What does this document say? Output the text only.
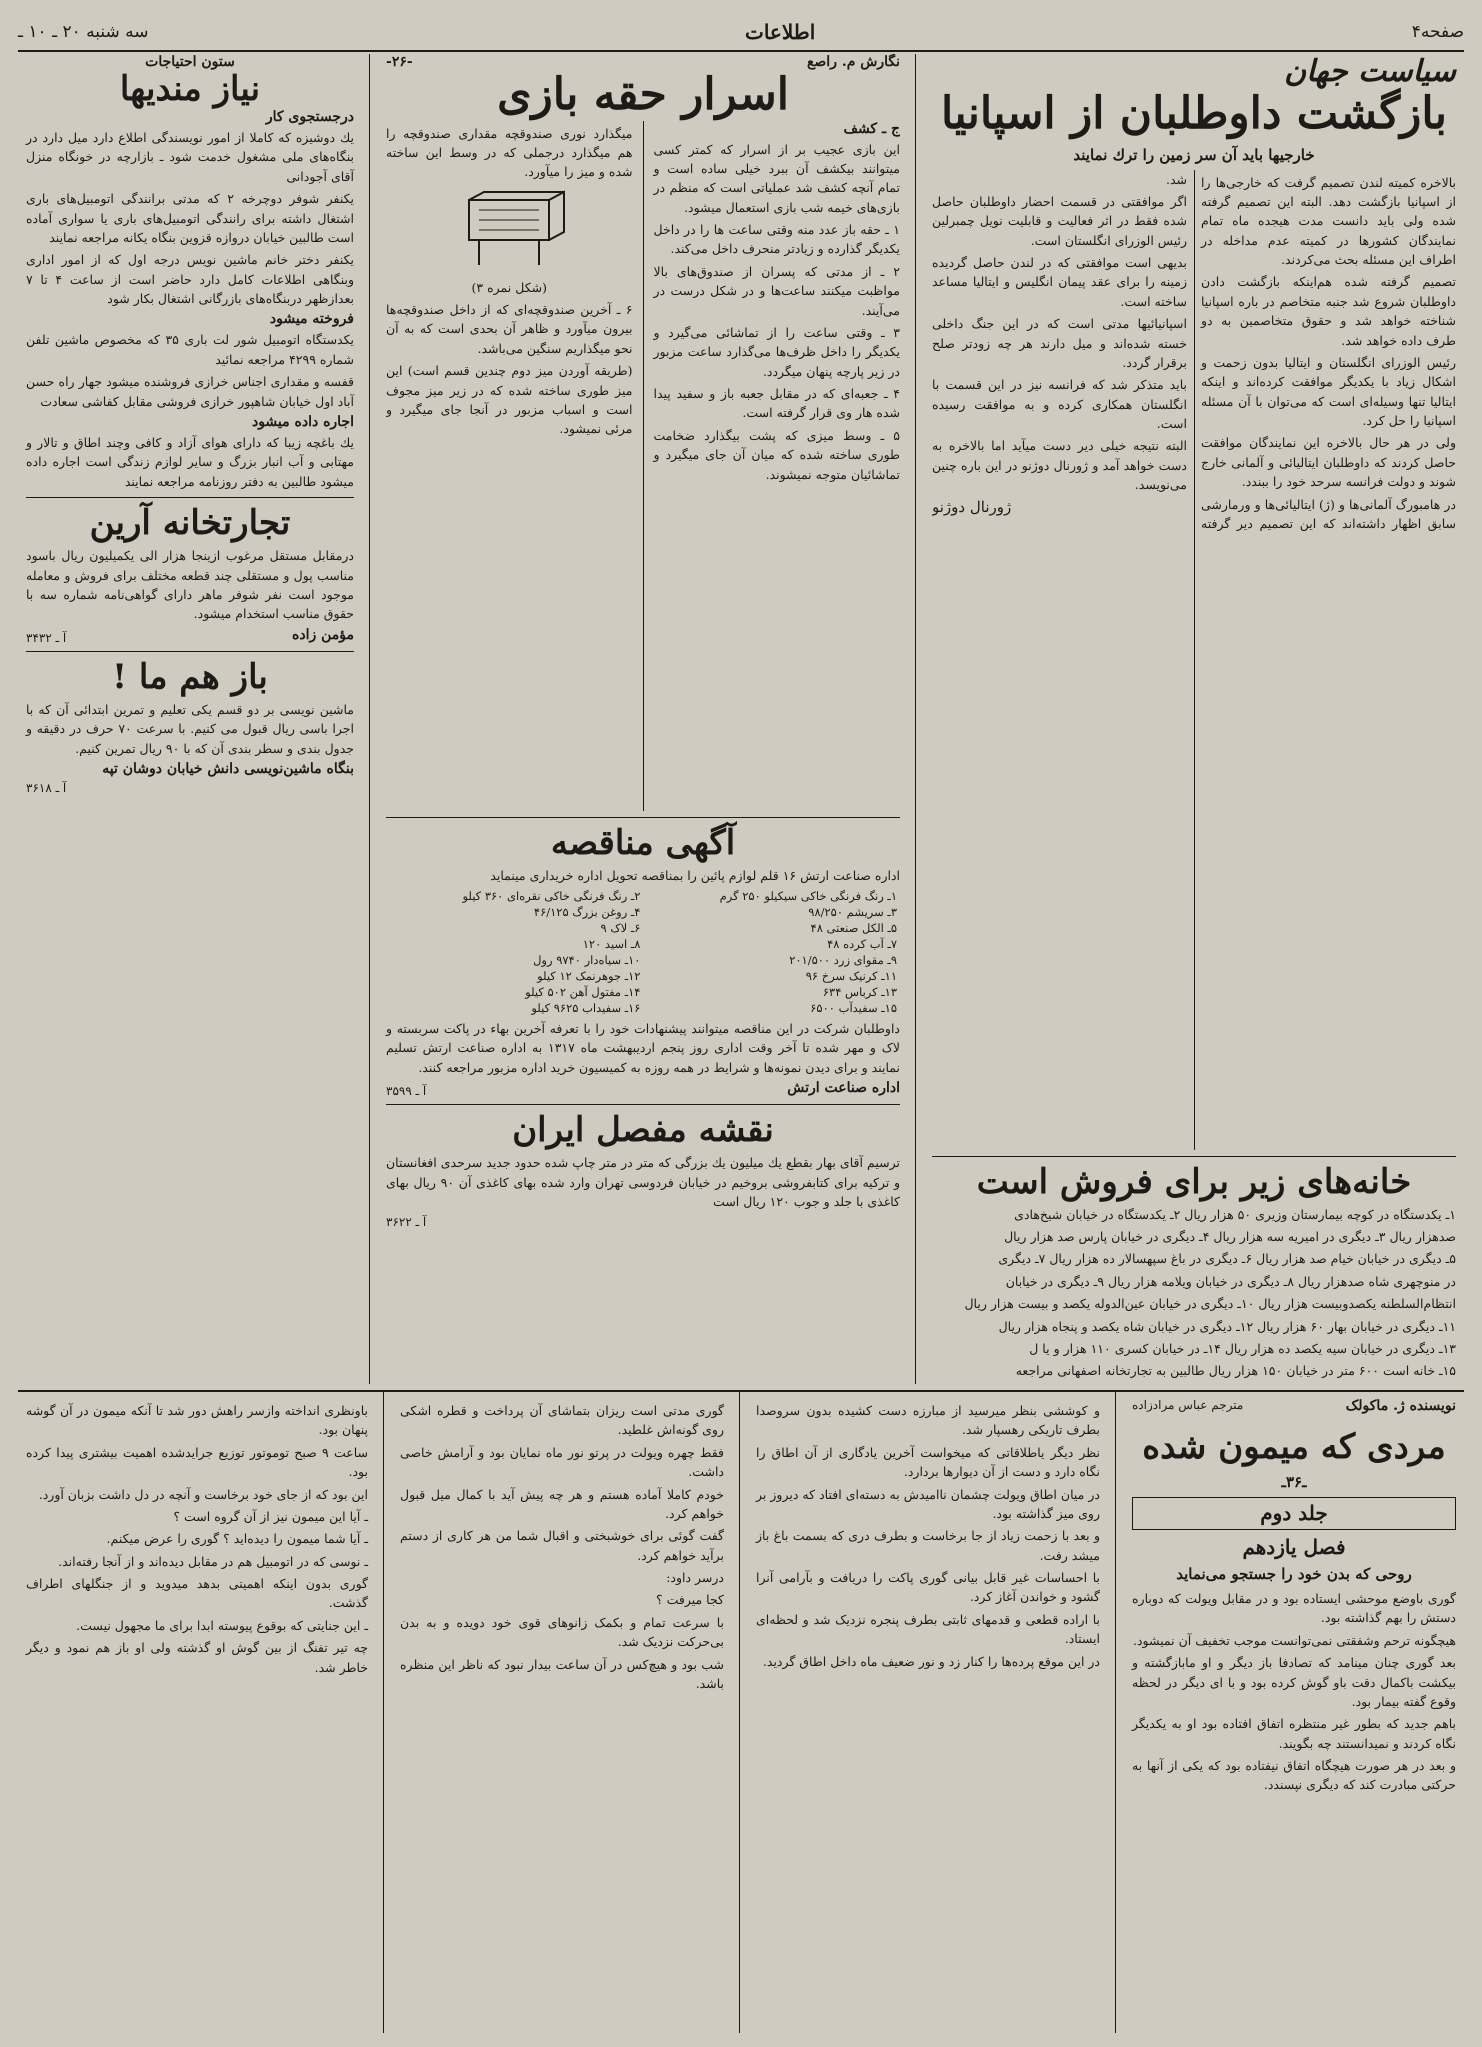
صفحه۴
اطلاعات
سه شنبه ۲۰ ـ ۱۰ ـ
سیاست جهان
بازگشت داوطلبان از اسپانیا
خارجیها باید آن سر زمین را ترك نمایند

بالاخره کمیته لندن تصمیم گرفت که خارجی‌ها را از اسپانیا بازگشت دهد. البته این تصمیم گرفته شده ولی باید دانست مدت هیجده ماه تمام نمایندگان کشورها در کمیته عدم مداخله در اطراف این مسئله بحث می‌کردند.

تصمیم گرفته شده هم‌اینکه بازگشت دادن داوطلبان شروع شد جنبه متخاصم در باره اسپانیا شناخته خواهد شد و حقوق متخاصمین به دو طرف داده خواهد شد.

رئیس الوزرای انگلستان و ایتالیا بدون زحمت و اشکال زیاد با یکدیگر موافقت کرده‌اند و اینکه ایتالیا تنها وسیله‌ای است که می‌توان با آن مسئله اسپانیا را حل کرد.

ولی در هر حال بالاخره این نمایندگان موافقت حاصل کردند که داوطلبان ایتالیائی و آلمانی خارج شوند و دولت فرانسه سرحد خود را ببندد.

در هامبورگ آلمانی‌ها و (ژ) ایتالیائی‌ها و ورمارشی سابق اظهار داشته‌اند که این تصمیم دیر گرفته شد.

اگر موافقتی در قسمت احضار داوطلبان حاصل شده فقط در اثر فعالیت و قابلیت نویل چمبرلین رئیس الوزرای انگلستان است.

بدیهی است موافقتی که در لندن حاصل گردیده زمینه را برای عقد پیمان انگلیس و ایتالیا مساعد ساخته است.

اسپانیائیها مدتی است که در این جنگ داخلی خسته شده‌اند و میل دارند هر چه زودتر صلح برقرار گردد.

باید متذکر شد که فرانسه نیز در این قسمت با انگلستان همکاری کرده و به موافقت رسیده است.

البته نتیجه خیلی دیر دست میآید اما بالاخره به دست خواهد آمد و ژورنال دوژنو در این باره چنین می‌نویسد.

ژورنال دوژنو
خانه‌های زیر برای فروش است

۱ـ یکدستگاه در کوچه بیمارستان وزیری ۵۰ هزار ریال ۲ـ یکدستگاه در خیابان شیخ‌هادی

صدهزار ریال ۳ـ دیگری در امیریه سه هزار ریال ۴ـ دیگری در خیابان پارس صد هزار ریال

۵ـ دیگری در خیابان خیام صد هزار ریال ۶ـ دیگری در باغ سپهسالار ده هزار ریال ۷ـ دیگری

در منوچهری شاه صدهزار ریال ۸ـ دیگری در خیابان ویلامه هزار ریال ۹ـ دیگری در خیابان

انتظام‌السلطنه یکصدوبیست هزار ریال ۱۰ـ دیگری در خیابان عین‌الدوله یکصد و بیست هزار ریال

۱۱ـ دیگری در خیابان بهار ۶۰ هزار ریال ۱۲ـ دیگری در خیابان شاه یکصد و پنجاه هزار ریال

۱۳ـ دیگری در خیابان سیه یکصد ده هزار ریال ۱۴ـ در خیابان کسری ۱۱۰ هزار و یا ل

۱۵ـ خانه است ۶۰۰ متر در خیابان ۱۵۰ هزار ریال طالبین به تجارتخانه اصفهانی مراجعه

نگارش م. راصع
-۲۶-
اسرار حقه بازی
ج ـ کشف

این بازی عجیب بر از اسرار که کمتر کسی میتوانند بیکشف آن ببرد خیلی ساده است و تمام آنچه کشف شد عملیاتی است که منظم در بازی‌های خیمه شب بازی استعمال میشود.

۱ ـ حقه باز عدد منه وقتی ساعت ها را در داخل یکدیگر گذارده و زیادتر منحرف داخل می‌کند.

۲ ـ از مدتی که پسران از صندوق‌های بالا مواظبت میکنند ساعت‌ها و در شکل درست در می‌آیند.

۳ ـ وقتی ساعت را از تماشائی می‌گیرد و یکدیگر را داخل ظرف‌ها می‌گذارد ساعت مزبور در زیر پارچه پنهان میگردد.

۴ ـ جعبه‌ای که در مقابل جعبه باز و سفید پیدا شده هار وی قرار گرفته است.

۵ ـ وسط میزی که پشت بیگذارد ضخامت طوری ساخته شده که میان آن جای میگیرد و تماشائیان متوجه نمیشوند.

میگذارد نوری صندوقچه مقداری صندوقچه را هم میگذارد درجملی که در وسط این ساخته شده و میز را میآورد.

(شکل نمره ۳)

۶ ـ آخرین صندوقچه‌ای که از داخل صندوقچه‌ها بیرون میآورد و ظاهر آن بحدی است که به آن نحو میگذاریم سنگین می‌باشد.

(طریقه آوردن میز دوم چندین قسم است) این میز طوری ساخته شده که در زیر میز مجوف است و اسباب مزبور در آنجا جای میگیرد و مرئی نمیشود.

آگهی مناقصه

اداره صناعت ارتش ۱۶ قلم لوازم پائین را بمناقصه تحویل اداره خریداری مینماید

۱ـ رنگ فرنگی خاکی سیکیلو ۲۵۰ گرم	۲ـ رنگ فرنگی خاکی نقره‌ای ۳۶۰ کیلو
۳ـ سریشم ۹۸/۲۵۰	۴ـ روغن بزرگ ۴۶/۱۲۵
۵ـ الکل صنعتی ۴۸	۶ـ لاک ۹
۷ـ آب کرده ۴۸	۸ـ اسید ۱۲۰
۹ـ مقوای زرد ۲۰۱/۵۰۰	۱۰ـ سیاه‌دار ۹۷۴۰ رول
۱۱ـ کرنیک سرخ ۹۶	۱۲ـ جوهرنمک ۱۲ کیلو
۱۳ـ کرباس ۶۳۴	۱۴ـ مفتول آهن ۵۰۲ کیلو
۱۵ـ سفیدآب ۶۵۰۰	۱۶ـ سفیداب ۹۶۲۵ کیلو

داوطلبان شرکت در این مناقصه میتوانند پیشنهادات خود را با تعرفه آخرین بهاء در پاکت سربسته و لاک و مهر شده تا آخر وقت اداری روز پنجم اردیبهشت ماه ۱۳۱۷ به اداره صناعت ارتش تسلیم نمایند و برای دیدن نمونه‌ها و شرایط در همه روزه به کمیسیون خرید اداره مزبور مراجعه کنند.

اداره صناعت ارتش
آ ـ ۳۵۹۹
نقشه مفصل ایران

ترسیم آقای بهار بقطع یك میلیون یك بزرگی که متر در متر چاپ شده حدود جدید سرحدی افغانستان و ترکیه برای کتابفروشی بروخیم در خیابان فردوسی تهران وارد شده بهای کاغذی آن ۹۰ ریال بهای کاغذی با جلد و جوب ۱۲۰ ریال است

آ ـ ۳۶۲۲
ستون احتیاجات
نیاز مندیها
درجستجوی کار

یك دوشیزه که کاملا از امور نویسندگی اطلاع دارد میل دارد در بنگاه‌های ملی مشغول خدمت شود ـ بازارچه در خونگاه منزل آقای آجودانی

یکنفر شوفر دوچرخه ۲ که مدتی برانندگی اتومبیل‌های باری اشتغال داشته برای رانندگی اتومبیل‌های باری یا سواری آماده است طالبین خیابان دروازه قزوین بنگاه یکانه مراجعه نمایند

یکنفر دختر خانم ماشین نویس درجه اول که از امور اداری وبنگاهی اطلاعات کامل دارد حاضر است از ساعت ۴ تا ۷ بعدازظهر دربنگاه‌های بازرگانی اشتغال بکار شود

فروخته میشود

یکدستگاه اتومبیل شور لت باری ۳۵ که مخصوص ماشین تلفن شماره ۴۲۹۹ مراجعه نمائید

قفسه و مقداری اجناس خرازی فروشنده میشود جهار راه حسن آباد اول خیابان شاهپور خرازی فروشی مقابل کفاشی سعادت

اجاره داده میشود

یك باغچه زیبا که دارای هوای آزاد و کافی وچند اطاق و تالار و مهتابی و آب انبار بزرگ و سایر لوازم زندگی است اجاره داده میشود طالبین به دفتر روزنامه مراجعه نمایند

تجارتخانه آرین

درمقابل مستقل مرغوب ازینجا هزار الی یکمیلیون ریال باسود مناسب پول و مستقلی چند قطعه مختلف برای فروش و معامله موجود است نفر شوفر ماهر دارای گواهی‌نامه شماره سه با حقوق مناسب استخدام میشود.

مؤمن زاده
آ ـ ۳۴۳۲
باز هم ما !

ماشین نویسی بر دو قسم یکی تعلیم و تمرین ابتدائی آن که با اجرا باسی ریال قبول می کنیم. با سرعت ۷۰ حرف در دقیقه و جدول بندی و سطر بندی آن که با ۹۰ ریال تمرین کنیم.

بنگاه ماشین‌نویسی دانش خیابان دوشان تپه
آ ـ ۳۶۱۸
نویسنده ژ. ماکولک
مترجم عباس مرادزاده
مردی که میمون شده
ـ۳۶ـ
جلد دوم
فصل یازدهم
روحی که بدن خود را جستجو می‌نماید

گوری باوضع موحشی ایستاده بود و در مقابل ویولت که دوباره دستش را بهم گذاشته بود.

هیچگونه ترحم وشفقتی نمی‌توانست موجب تخفیف آن نمیشود.

بعد گوری چنان مینامد که تصادفا باز دیگر و او مابازگشته و بیکشت باکمال دقت باو گوش کرده بود و با ای دیگر در لحظه وقوع گفته بیمار بود.

باهم جدید که بطور غیر منتظره اتفاق افتاده بود او به یکدیگر نگاه کردند و نمیدانستند چه بگویند.

و بعد در هر صورت هیچگاه اتفاق نیفتاده بود که یکی از آنها به حرکتی مبادرت کند که دیگری نپسندد.

و کوششی بنظر میرسید از مبارزه دست کشیده بدون سروصدا بطرف تاریکی رهسپار شد.

نظر دیگر یاطلاقاتی که میخواست آخرین یادگاری از آن اطاق را نگاه دارد و دست از آن دیوارها بردارد.

در میان اطاق ویولت چشمان ناامیدش به دسته‌ای افتاد که دیروز بر روی میز گذاشته بود.

و بعد با زحمت زیاد از جا برخاست و بطرف دری که بسمت باغ باز میشد رفت.

با احساسات غیر قابل بیانی گوری پاکت را دریافت و بآرامی آنرا گشود و خواندن آغاز کرد.

با اراده قطعی و قدمهای ثابتی بطرف پنجره نزدیک شد و لحظه‌ای ایستاد.

در این موقع پرده‌ها را کنار زد و نور ضعیف ماه داخل اطاق گردید.

گوری مدتی است ریزان بتماشای آن پرداخت و قطره اشکی روی گونه‌اش غلطید.

فقط چهره ویولت در پرتو نور ماه نمایان بود و آرامش خاصی داشت.

خودم کاملا آماده هستم و هر چه پیش آید با کمال میل قبول خواهم کرد.

گفت گوئی برای خوشبختی و اقبال شما من هر کاری از دستم برآید خواهم کرد.

درسر داود:

کجا میرفت ؟

با سرعت تمام و بکمک زانوهای قوی خود دویده و به بدن بی‌حرکت نزدیک شد.

شب بود و هیچ‌کس در آن ساعت بیدار نبود که ناظر این منظره باشد.

باونظری انداخته وازسر راهش دور شد تا آنکه میمون در آن گوشه پنهان بود.

ساعت ۹ صبح توموتور توزیع جرایدشده اهمیت بیشتری پیدا کرده بود.

این بود که از جای خود برخاست و آنچه در دل داشت بزبان آورد.

ـ آیا این میمون نیز از آن گروه است ؟

ـ آیا شما میمون را دیده‌اید ؟ گوری را عرض میکنم.

ـ نوسی که در اتومبیل هم در مقابل دیده‌اند و از آنجا رفته‌اند.

گوری بدون اینکه اهمیتی بدهد میدوید و از جنگلهای اطراف گذشت.

ـ این جنایتی که بوقوع پیوسته ابدا برای ما مجهول نیست.

چه تیر تفنگ از بین گوش او گذشته ولی او باز هم نمود و دیگر خاطر شد.
